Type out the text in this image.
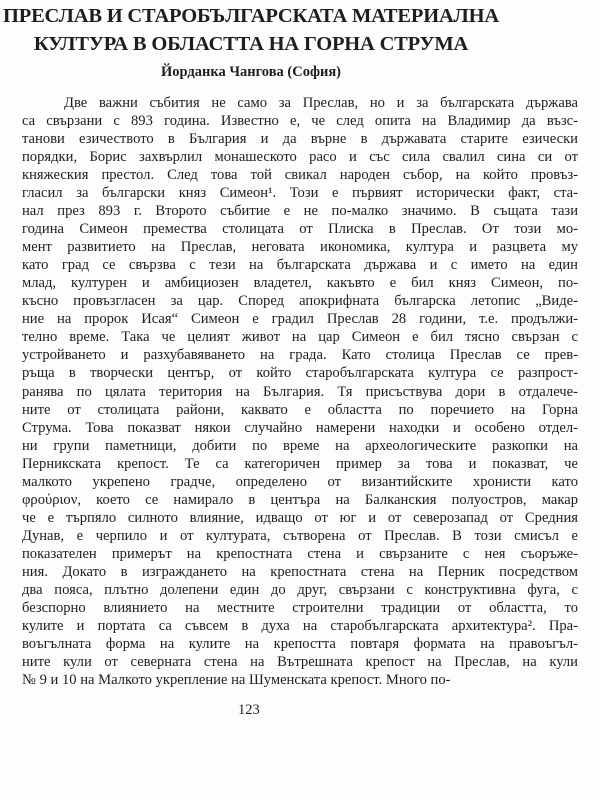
ПРЕСЛАВ И СТАРОБЪЛГАРСКАТА МАТЕРИАЛНА
КУЛТУРА В ОБЛАСТТА НА ГОРНА СТРУМА
Йорданка Чангова (София)
Две важни събития не само за Преслав, но и за българската държава
са свързани с 893 година. Известно е, че след опита на Владимир да възс-
танови езичеството в България и да върне в държавата старите езически
порядки, Борис захвърлил монашеското расо и със сила свалил сина си от
княжеския престол. След това той свикал народен събор, на който провъз-
гласил за български княз Симеон¹. Този е първият исторически факт, ста-
нал през 893 г. Второто събитие е не по-малко значимо. В същата тази
година Симеон премества столицата от Плиска в Преслав. От този мо-
мент развитието на Преслав, неговата икономика, култура и разцвета му
като град се свързва с тези на българската държава и с името на един
млад, културен и амбициозен владетел, какъвто е бил княз Симеон, по-
късно провъзгласен за цар. Според апокрифната българска летопис „Виде-
ние на пророк Исая“ Симеон е градил Преслав 28 години, т.е. продължи-
телно време. Така че целият живот на цар Симеон е бил тясно свързан с
устройването и разхубавяването на града. Като столица Преслав се прев-
ръща в творчески център, от който старобългарската култура се разпрост-
ранява по цялата територия на България. Тя присъствува дори в отдалече-
ните от столицата райони, каквато е областта по поречието на Горна
Струма. Това показват някои случайно намерени находки и особено отдел-
ни групи паметници, добити по време на археологическите разкопки на
Перникската крепост. Те са категоричен пример за това и показват, че
малкото укрепено градче, определено от византийските хронисти като
φρούριον, което се намирало в центъра на Балканския полуостров, макар
че е търпяло силното влияние, идващо от юг и от северозапад от Средния
Дунав, е черпило и от културата, сътворена от Преслав. В този смисъл е
показателен примерът на крепостната стена и свързаните с нея съоръже-
ния. Докато в изграждането на крепостната стена на Перник посредством
два пояса, плътно долепени един до друг, свързани с конструктивна фуга, с
безспорно влиянието на местните строителни традиции от областта, то
кулите и портата са съвсем в духа на старобългарската архитектура². Пра-
воъгълната форма на кулите на крепостта повтаря формата на правоъгъл-
ните кули от северната стена на Вътрешната крепост на Преслав, на кули
№ 9 и 10 на Малкото укрепление на Шуменската крепост. Много по-
123
